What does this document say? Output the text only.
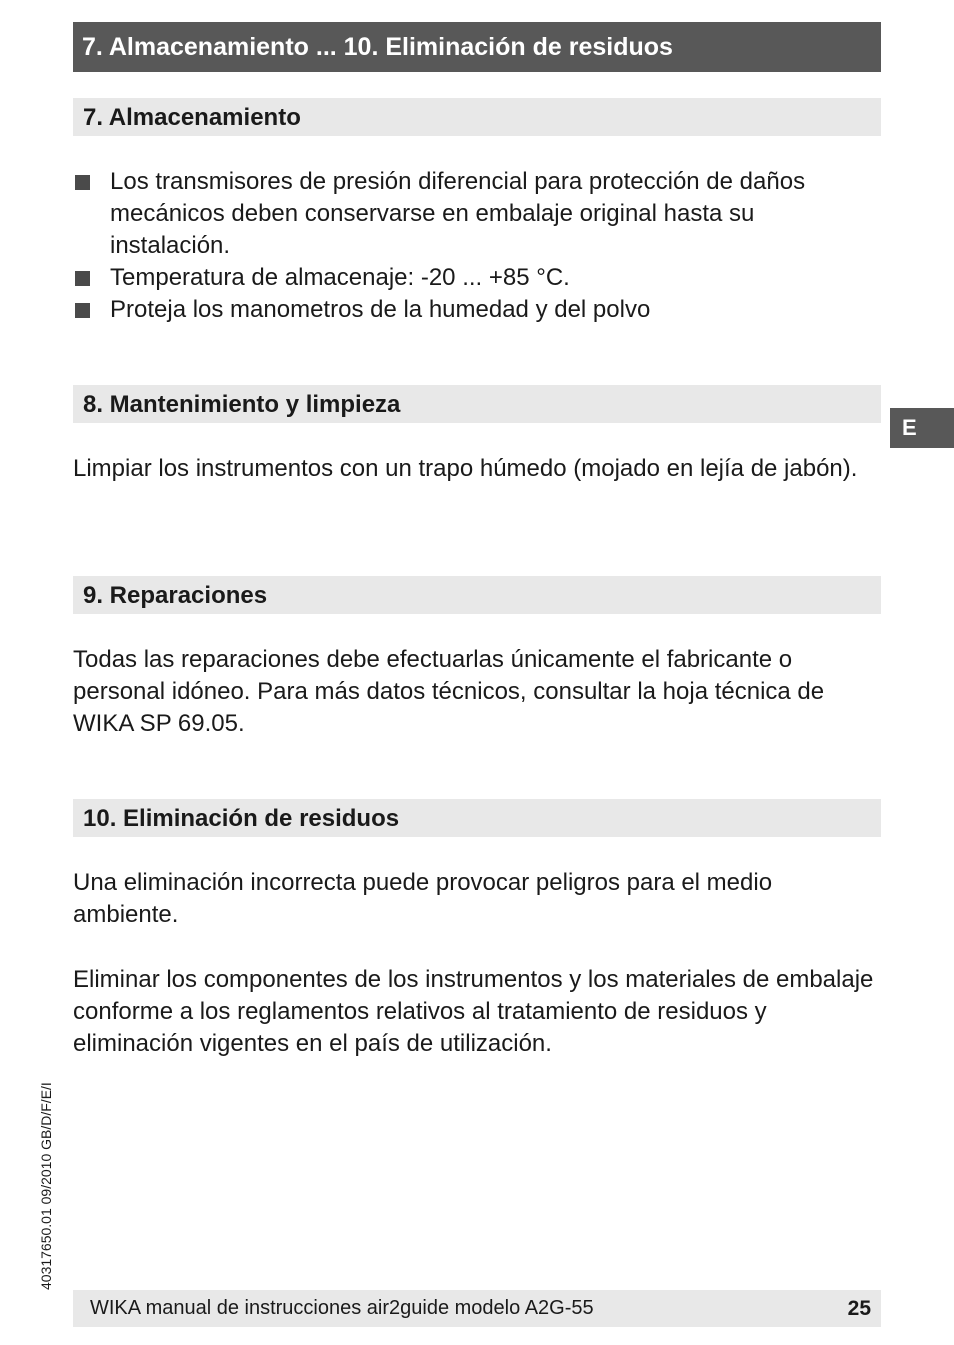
7. Almacenamiento ... 10. Eliminación de residuos
7. Almacenamiento
Los transmisores de presión diferencial para protección de daños mecánicos deben conservarse en embalaje original hasta su instalación.
Temperatura de almacenaje: -20 ... +85 °C.
Proteja los manometros de la humedad y del polvo
8. Mantenimiento y limpieza

Limpiar los instrumentos con un trapo húmedo (mojado en lejía de jabón).

9. Reparaciones

Todas las reparaciones debe efectuarlas únicamente el fabricante o personal idóneo. Para más datos técnicos, consultar la hoja técnica de WIKA SP 69.05.

10. Eliminación de residuos

Una eliminación incorrecta puede provocar peligros para el medio ambiente.

Eliminar los componentes de los instrumentos y los materiales de embalaje conforme a los reglamentos relativos al tratamiento de residuos y eliminación vigentes en el país de utilización.

E
40317650.01 09/2010 GB/D/F/E/I
WIKA manual de instrucciones air2guide modelo A2G-55	25
